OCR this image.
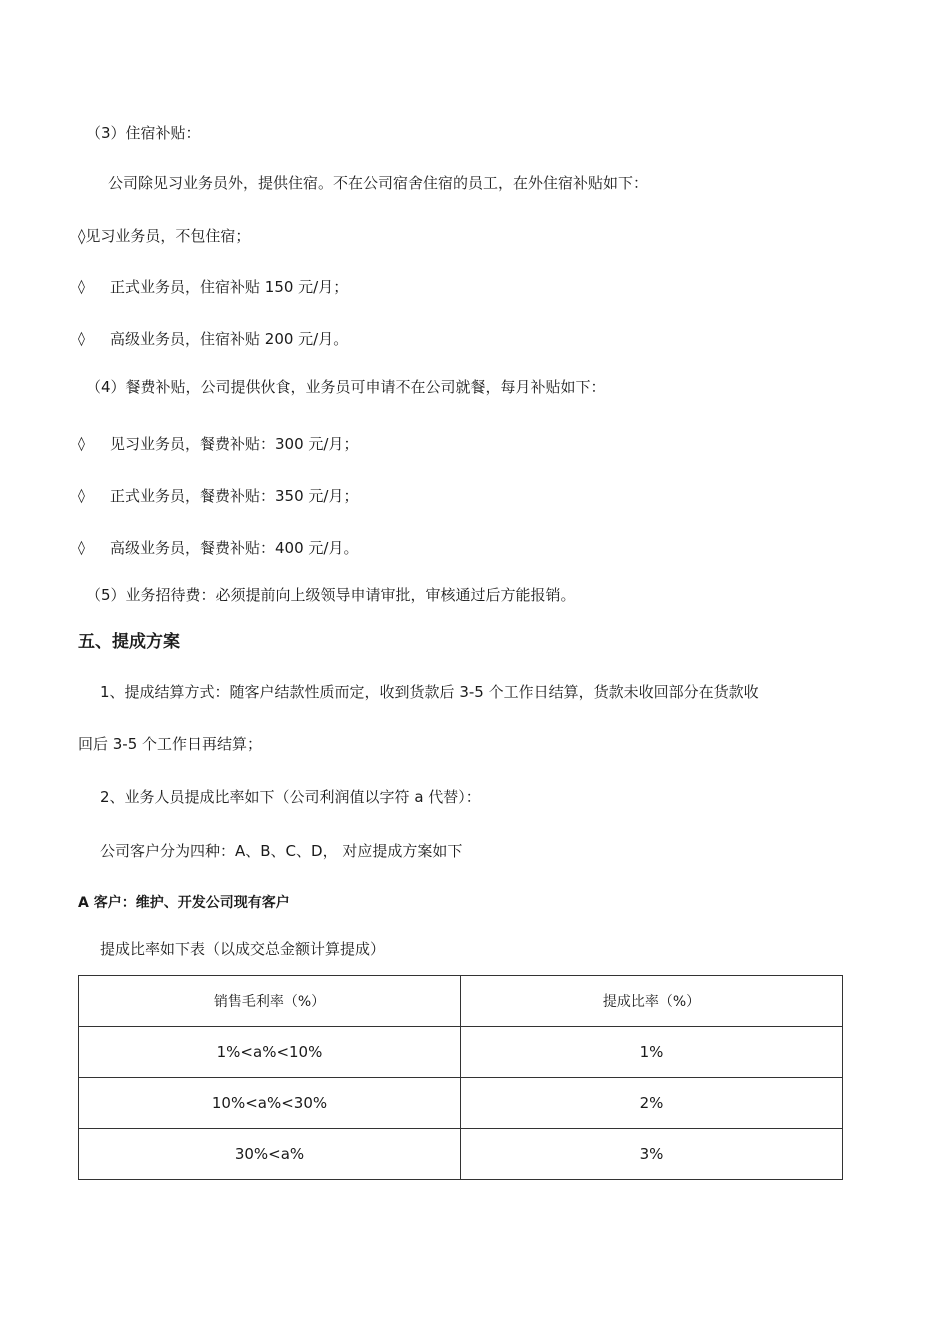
（3）住宿补贴：
公司除见习业务员外，提供住宿。不在公司宿舍住宿的员工，在外住宿补贴如下：
◊见习业务员，不包住宿；
◊ 正式业务员，住宿补贴 150 元/月；
◊ 高级业务员，住宿补贴 200 元/月。
（4）餐费补贴，公司提供伙食，业务员可申请不在公司就餐，每月补贴如下：
◊ 见习业务员，餐费补贴：300 元/月；
◊ 正式业务员，餐费补贴：350 元/月；
◊ 高级业务员，餐费补贴：400 元/月。
（5）业务招待费：必须提前向上级领导申请审批，审核通过后方能报销。
五、提成方案
1、提成结算方式：随客户结款性质而定，收到货款后 3-5 个工作日结算，货款未收回部分在货款收
回后 3-5 个工作日再结算；
2、业务人员提成比率如下（公司利润值以字符 a 代替）：
公司客户分为四种：A、B、C、D， 对应提成方案如下
A 客户：维护、开发公司现有客户
提成比率如下表（以成交总金额计算提成）
销售毛利率（%）	提成比率（%）
1%<a%<10%	1%
10%<a%<30%	2%
30%<a%	3%
